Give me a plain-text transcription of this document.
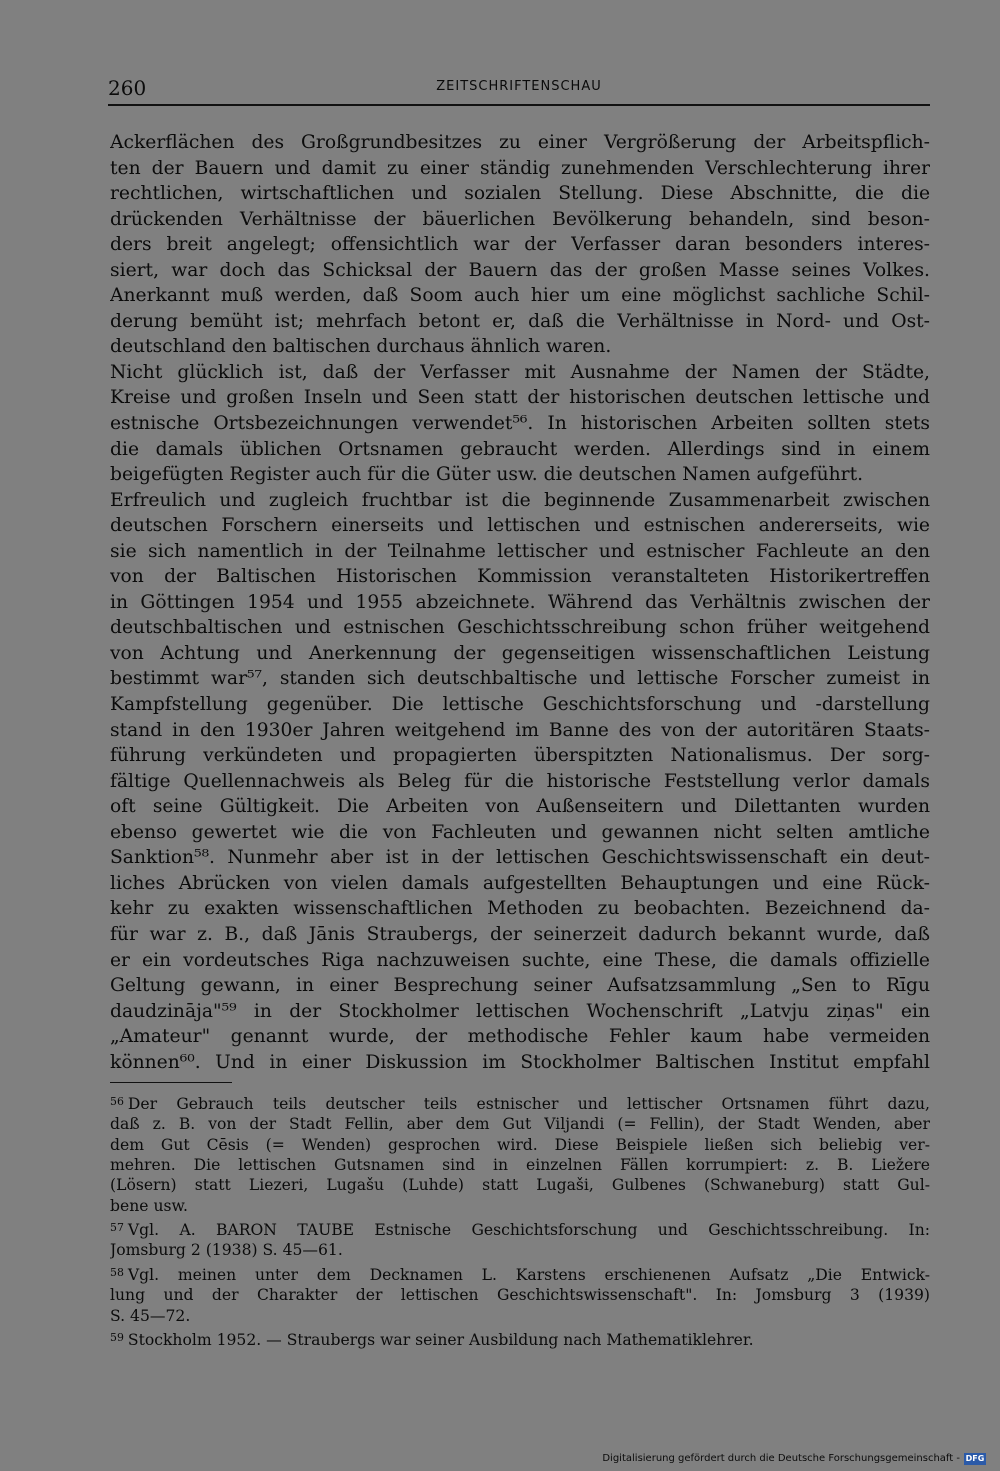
260	ZEITSCHRIFTENSCHAU

Ackerflächen des Großgrundbesitzes zu einer Vergrößerung der Arbeitspflich-
ten der Bauern und damit zu einer ständig zunehmenden Verschlechterung ihrer
rechtlichen, wirtschaftlichen und sozialen Stellung. Diese Abschnitte, die die
drückenden Verhältnisse der bäuerlichen Bevölkerung behandeln, sind beson-
ders breit angelegt; offensichtlich war der Verfasser daran besonders interes-
siert, war doch das Schicksal der Bauern das der großen Masse seines Volkes.
Anerkannt muß werden, daß Soom auch hier um eine möglichst sachliche Schil-
derung bemüht ist; mehrfach betont er, daß die Verhältnisse in Nord- und Ost-
deutschland den baltischen durchaus ähnlich waren.

Nicht glücklich ist, daß der Verfasser mit Ausnahme der Namen der Städte,
Kreise und großen Inseln und Seen statt der historischen deutschen lettische und
estnische Ortsbezeichnungen verwendet⁵⁶. In historischen Arbeiten sollten stets
die damals üblichen Ortsnamen gebraucht werden. Allerdings sind in einem
beigefügten Register auch für die Güter usw. die deutschen Namen aufgeführt.

Erfreulich und zugleich fruchtbar ist die beginnende Zusammenarbeit zwischen
deutschen Forschern einerseits und lettischen und estnischen andererseits, wie
sie sich namentlich in der Teilnahme lettischer und estnischer Fachleute an den
von der Baltischen Historischen Kommission veranstalteten Historikertreffen
in Göttingen 1954 und 1955 abzeichnete. Während das Verhältnis zwischen der
deutschbaltischen und estnischen Geschichtsschreibung schon früher weitgehend
von Achtung und Anerkennung der gegenseitigen wissenschaftlichen Leistung
bestimmt war⁵⁷, standen sich deutschbaltische und lettische Forscher zumeist in
Kampfstellung gegenüber. Die lettische Geschichtsforschung und -darstellung
stand in den 1930er Jahren weitgehend im Banne des von der autoritären Staats-
führung verkündeten und propagierten überspitzten Nationalismus. Der sorg-
fältige Quellennachweis als Beleg für die historische Feststellung verlor damals
oft seine Gültigkeit. Die Arbeiten von Außenseitern und Dilettanten wurden
ebenso gewertet wie die von Fachleuten und gewannen nicht selten amtliche
Sanktion⁵⁸. Nunmehr aber ist in der lettischen Geschichtswissenschaft ein deut-
liches Abrücken von vielen damals aufgestellten Behauptungen und eine Rück-
kehr zu exakten wissenschaftlichen Methoden zu beobachten. Bezeichnend da-
für war z. B., daß Jānis Straubergs, der seinerzeit dadurch bekannt wurde, daß
er ein vordeutsches Riga nachzuweisen suchte, eine These, die damals offizielle
Geltung gewann, in einer Besprechung seiner Aufsatzsammlung „Sen to Rīgu
daudzināja"⁵⁹ in der Stockholmer lettischen Wochenschrift „Latvju ziņas" ein
„Amateur" genannt wurde, der methodische Fehler kaum habe vermeiden
können⁶⁰. Und in einer Diskussion im Stockholmer Baltischen Institut empfahl

$^{56}$ Der Gebrauch teils deutscher teils estnischer und lettischer Ortsnamen führt dazu,
daß z. B. von der Stadt Fellin, aber dem Gut Viljandi (= Fellin), der Stadt Wenden, aber
dem Gut Cēsis (= Wenden) gesprochen wird. Diese Beispiele ließen sich beliebig ver-
mehren. Die lettischen Gutsnamen sind in einzelnen Fällen korrumpiert: z. B. Liežere
(Lösern) statt Liezeri, Lugašu (Luhde) statt Lugaši, Gulbenes (Schwaneburg) statt Gul-
bene usw.
$^{57}$ Vgl. A. BARON TAUBE Estnische Geschichtsforschung und Geschichtsschreibung. In:
Jomsburg 2 (1938) S. 45—61.
$^{58}$ Vgl. meinen unter dem Decknamen L. Karstens erschienenen Aufsatz „Die Entwick-
lung und der Charakter der lettischen Geschichtswissenschaft". In: Jomsburg 3 (1939)
S. 45—72.
$^{59}$ Stockholm 1952. — Straubergs war seiner Ausbildung nach Mathematiklehrer.
Digitalisierung gefördert durch die Deutsche Forschungsgemeinschaft - DFG
